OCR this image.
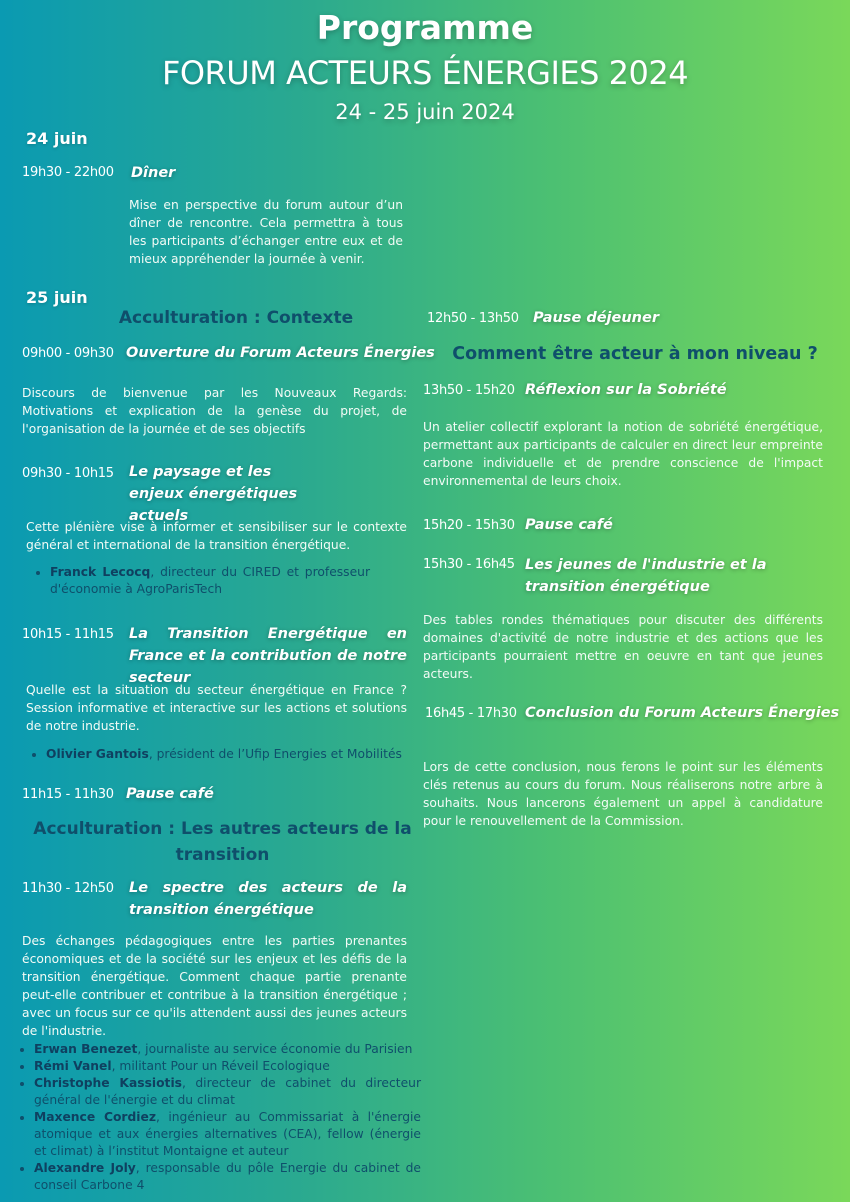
Programme
FORUM ACTEURS ÉNERGIES 2024
24 - 25 juin 2024
24 juin
19h30 - 22h00 Dîner
Mise en perspective du forum autour d’un dîner de rencontre. Cela permettra à tous les participants d’échanger entre eux et de mieux appréhender la journée à venir.
25 juin
Acculturation : Contexte
09h00 - 09h30 Ouverture du Forum Acteurs Énergies
Discours de bienvenue par les Nouveaux Regards: Motivations et explication de la genèse du projet, de l'organisation de la journée et de ses objectifs
09h30 - 10h15 Le paysage et les enjeux énergétiques actuels
Cette plénière vise à informer et sensibiliser sur le contexte général et international de la transition énergétique.
• Franck Lecocq, directeur du CIRED et professeur d'économie à AgroParisTech
10h15 - 11h15 La Transition Energétique en France et la contribution de notre secteur
Quelle est la situation du secteur énergétique en France ? Session informative et interactive sur les actions et solutions de notre industrie.
• Olivier Gantois, président de l’Ufip Energies et Mobilités
11h15 - 11h30 Pause café
Acculturation : Les autres acteurs de la transition
11h30 - 12h50 Le spectre des acteurs de la transition énergétique
Des échanges pédagogiques entre les parties prenantes économiques et de la société sur les enjeux et les défis de la transition énergétique. Comment chaque partie prenante peut-elle contribuer et contribue à la transition énergétique ; avec un focus sur ce qu'ils attendent aussi des jeunes acteurs de l'industrie.
• Erwan Benezet, journaliste au service économie du Parisien
• Rémi Vanel, militant Pour un Réveil Ecologique
• Christophe Kassiotis, directeur de cabinet du directeur général de l'énergie et du climat
• Maxence Cordiez, ingénieur au Commissariat à l'énergie atomique et aux énergies alternatives (CEA), fellow (énergie et climat) à l’institut Montaigne et auteur
• Alexandre Joly, responsable du pôle Energie du cabinet de conseil Carbone 4
12h50 - 13h50 Pause déjeuner
Comment être acteur à mon niveau ?
13h50 - 15h20 Réflexion sur la Sobriété
Un atelier collectif explorant la notion de sobriété énergétique, permettant aux participants de calculer en direct leur empreinte carbone individuelle et de prendre conscience de l'impact environnemental de leurs choix.
15h20 - 15h30 Pause café
15h30 - 16h45 Les jeunes de l'industrie et la transition énergétique
Des tables rondes thématiques pour discuter des différents domaines d'activité de notre industrie et des actions que les participants pourraient mettre en oeuvre en tant que jeunes acteurs.
16h45 - 17h30 Conclusion du Forum Acteurs Énergies
Lors de cette conclusion, nous ferons le point sur les éléments clés retenus au cours du forum. Nous réaliserons notre arbre à souhaits. Nous lancerons également un appel à candidature pour le renouvellement de la Commission.
